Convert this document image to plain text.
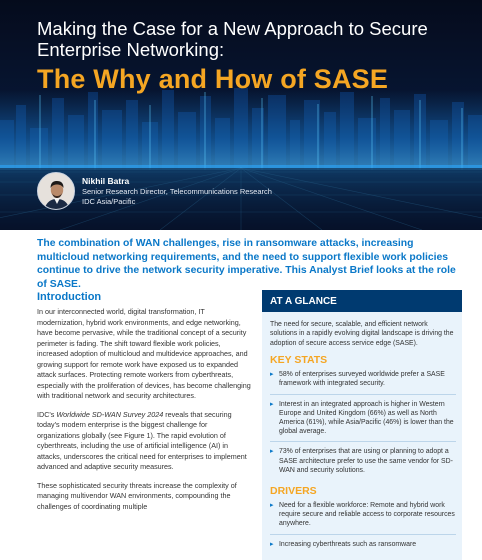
Making the Case for a New Approach to Secure Enterprise Networking:
The Why and How of SASE
Nikhil Batra
Senior Research Director, Telecommunications Research
IDC Asia/Pacific
The combination of WAN challenges, rise in ransomware attacks, increasing multicloud networking requirements, and the need to support flexible work policies continue to drive the network security imperative. This Analyst Brief looks at the role of SASE.
Introduction

In our interconnected world, digital transformation, IT modernization, hybrid work environments, and edge networking, have become pervasive, while the traditional concept of a security perimeter is fading. The shift toward flexible work policies, increased adoption of multicloud and multidevice approaches, and growing support for remote work have exposed us to expanded attack surfaces. Protecting remote workers from cyberthreats, especially with the proliferation of devices, has become challenging with traditional network and security architectures.

IDC's Worldwide SD-WAN Survey 2024 reveals that securing today's modern enterprise is the biggest challenge for organizations globally (see Figure 1). The rapid evolution of cyberthreats, including the use of artificial intelligence (AI) in attacks, underscores the critical need for enterprises to implement advanced and adaptive security measures.

These sophisticated security threats increase the complexity of managing multivendor WAN environments, compounding the challenges of coordinating multiple

AT A GLANCE

The need for secure, scalable, and efficient network solutions in a rapidly evolving digital landscape is driving the adoption of secure access service edge (SASE).

KEY STATS
▸ 58% of enterprises surveyed worldwide prefer a SASE framework with integrated security.
▸ Interest in an integrated approach is higher in Western Europe and United Kingdom (66%) as well as North America (61%), while Asia/Pacific (46%) is lower than the global average.
▸ 73% of enterprises that are using or planning to adopt a SASE architecture prefer to use the same vendor for SD-WAN and security solutions.
DRIVERS
▸ Need for a flexible workforce: Remote and hybrid work require secure and reliable access to corporate resources anywhere.
▸ Increasing cyberthreats such as ransomware
